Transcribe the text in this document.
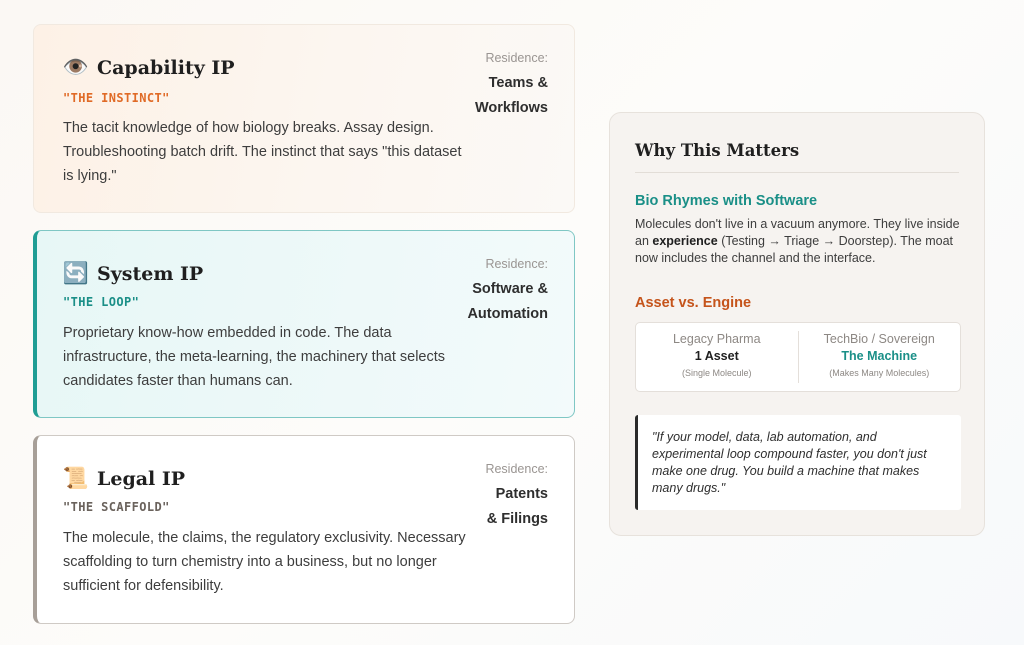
👁️ Capability IP
"THE INSTINCT"
The tacit knowledge of how biology breaks. Assay design. Troubleshooting batch drift. The instinct that says "this dataset is lying."
Residence:
Teams &
Workflows
🔄 System IP
"THE LOOP"
Proprietary know-how embedded in code. The data infrastructure, the meta-learning, the machinery that selects candidates faster than humans can.
Residence:
Software &
Automation
📜 Legal IP
"THE SCAFFOLD"
The molecule, the claims, the regulatory exclusivity. Necessary scaffolding to turn chemistry into a business, but no longer sufficient for defensibility.
Residence:
Patents
& Filings
Why This Matters
Bio Rhymes with Software
Molecules don't live in a vacuum anymore. They live inside an experience (Testing → Triage → Doorstep). The moat now includes the channel and the interface.
Asset vs. Engine
Legacy Pharma
1 Asset
(Single Molecule)
TechBio / Sovereign
The Machine
(Makes Many Molecules)
"If your model, data, lab automation, and experimental loop compound faster, you don't just make one drug. You build a machine that makes many drugs."
